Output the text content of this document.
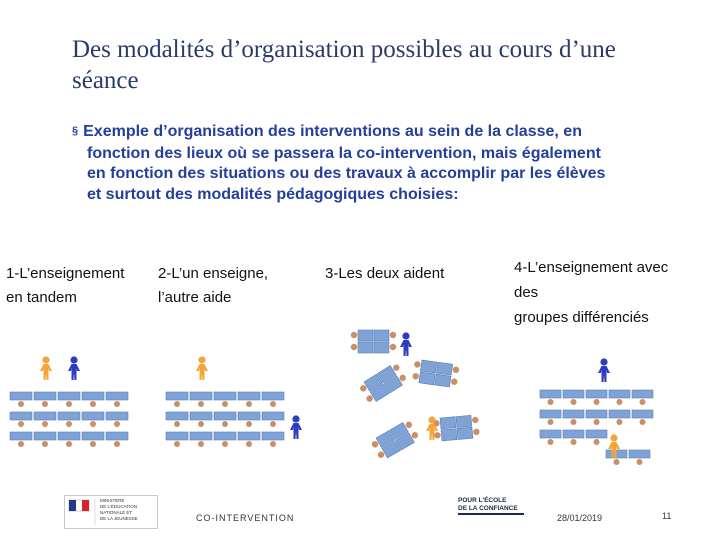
Des modalités d’organisation possibles au cours d’une séance
§ Exemple d’organisation des interventions au sein de la classe, en
fonction des lieux où se passera la co-intervention, mais également
en fonction des situations ou des travaux à accomplir par les élèves
et surtout des modalités pédagogiques choisies:
1-L’enseignement
en tandem
2-L’un enseigne,
l’autre aide
3-Les deux aident	4-L’enseignement avec
des
groupes différenciés
MINISTÈRE
DE L'ÉDUCATION
NATIONALE ET
DE LA JEUNESSE	CO-INTERVENTION
POUR L'ÉCOLE
DE LA CONFIANCE
28/01/2019	11
